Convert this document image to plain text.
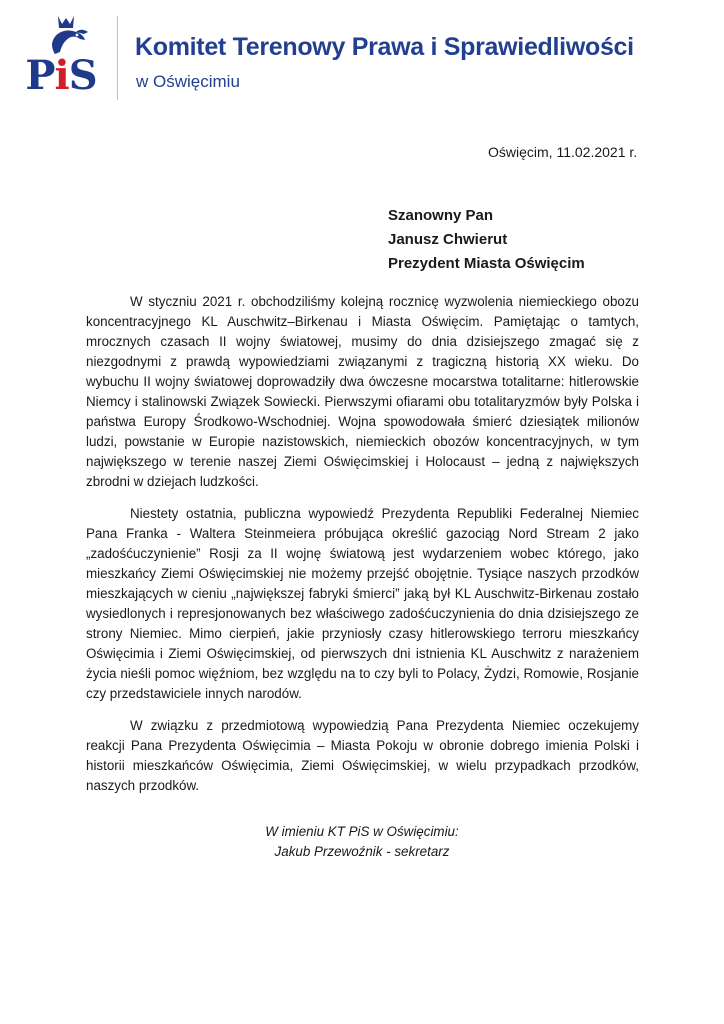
PiS
Komitet Terenowy Prawa i Sprawiedliwości
w Oświęcimiu
Oświęcim, 11.02.2021 r.
Szanowny Pan
Janusz Chwierut
Prezydent Miasta Oświęcim

W styczniu 2021 r. obchodziliśmy kolejną rocznicę wyzwolenia niemieckiego obozu koncentracyjnego KL Auschwitz–Birkenau i Miasta Oświęcim. Pamiętając o tamtych, mrocznych czasach II wojny światowej, musimy do dnia dzisiejszego zmagać się z niezgodnymi z prawdą wypowiedziami związanymi z tragiczną historią XX wieku. Do wybuchu II wojny światowej doprowadziły dwa ówczesne mocarstwa totalitarne: hitlerowskie Niemcy i stalinowski Związek Sowiecki. Pierwszymi ofiarami obu totalitaryzmów były Polska i państwa Europy Środkowo-Wschodniej. Wojna spowodowała śmierć dziesiątek milionów ludzi, powstanie w Europie nazistowskich, niemieckich obozów koncentracyjnych, w tym największego w terenie naszej Ziemi Oświęcimskiej i Holocaust – jedną z największych zbrodni w dziejach ludzkości.

Niestety ostatnia, publiczna wypowiedź Prezydenta Republiki Federalnej Niemiec Pana Franka - Waltera Steinmeiera próbująca określić gazociąg Nord Stream 2 jako „zadośćuczynienie” Rosji za II wojnę światową jest wydarzeniem wobec którego, jako mieszkańcy Ziemi Oświęcimskiej nie możemy przejść obojętnie. Tysiące naszych przodków mieszkających w cieniu „największej fabryki śmierci” jaką był KL Auschwitz-Birkenau zostało wysiedlonych i represjonowanych bez właściwego zadośćuczynienia do dnia dzisiejszego ze strony Niemiec. Mimo cierpień, jakie przyniosły czasy hitlerowskiego terroru mieszkańcy Oświęcimia i Ziemi Oświęcimskiej, od pierwszych dni istnienia KL Auschwitz z narażeniem życia nieśli pomoc więźniom, bez względu na to czy byli to Polacy, Żydzi, Romowie, Rosjanie czy przedstawiciele innych narodów.

W związku z przedmiotową wypowiedzią Pana Prezydenta Niemiec oczekujemy reakcji Pana Prezydenta Oświęcimia – Miasta Pokoju w obronie dobrego imienia Polski i historii mieszkańców Oświęcimia, Ziemi Oświęcimskiej, w wielu przypadkach przodków, naszych przodków.

W imieniu KT PiS w Oświęcimiu:
Jakub Przewoźnik - sekretarz
